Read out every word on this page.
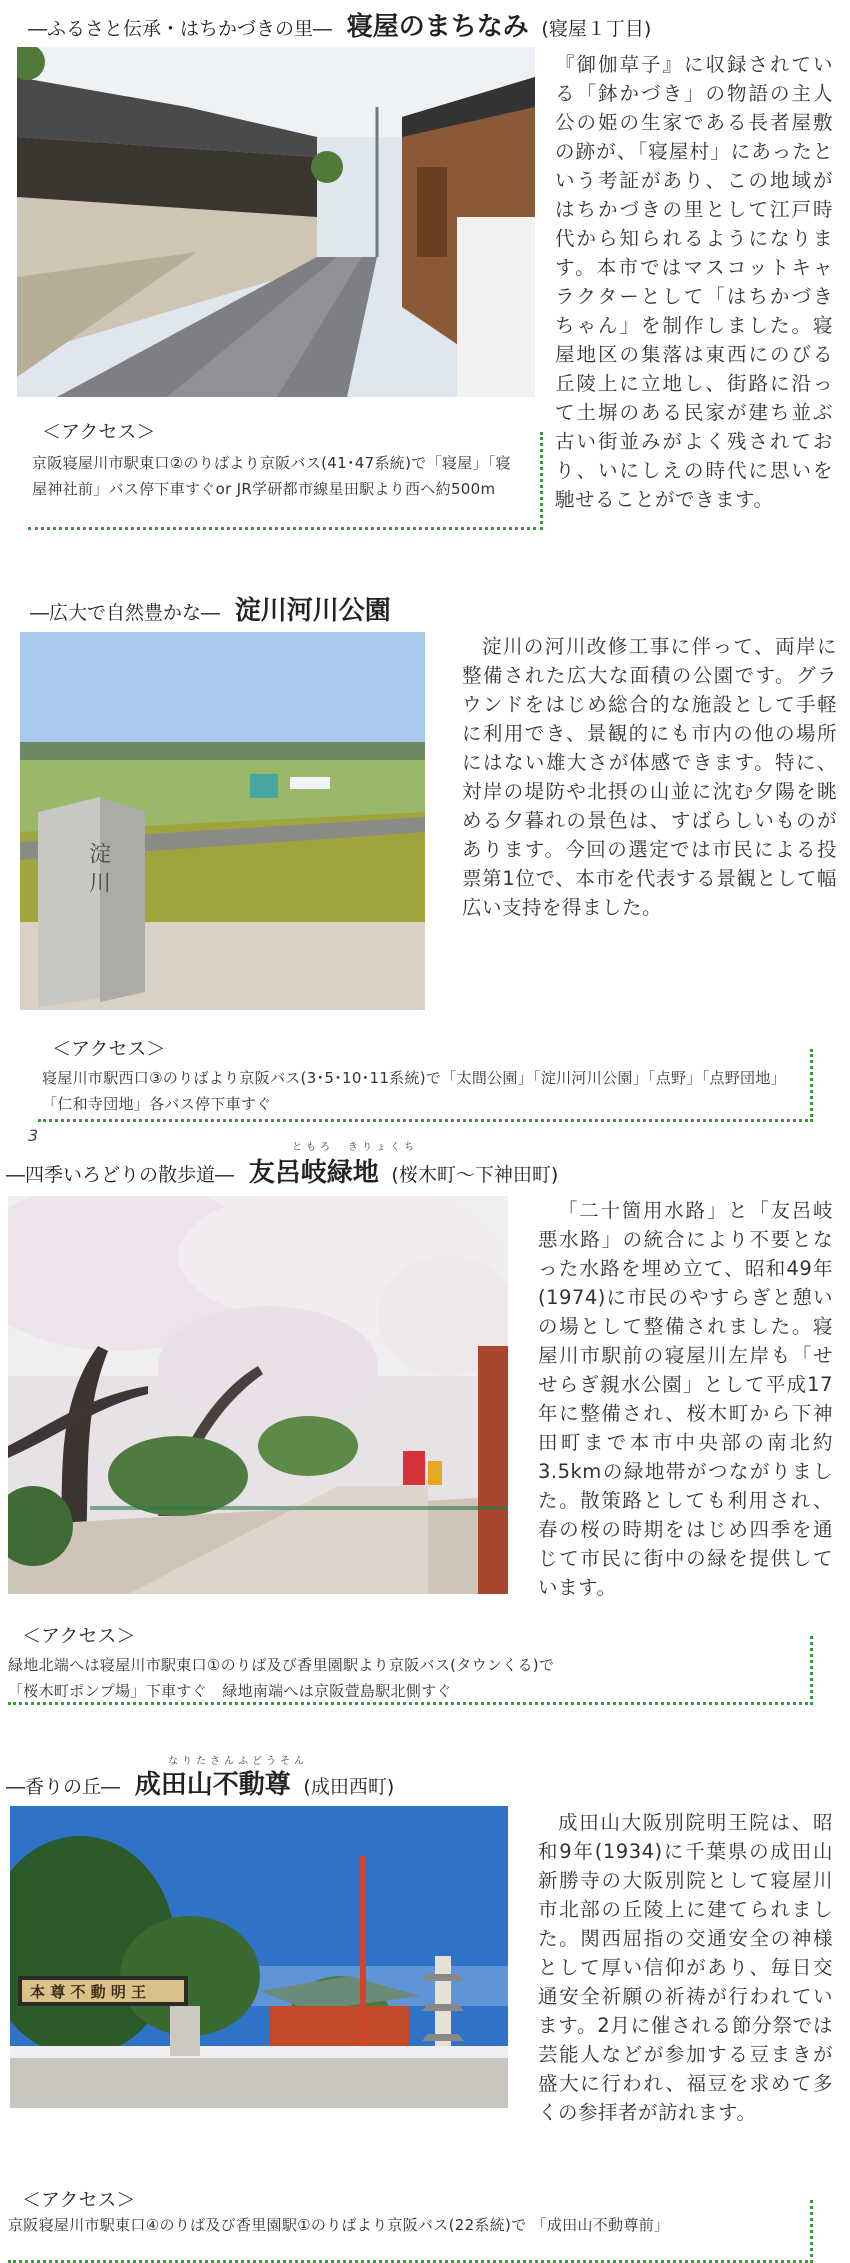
―ふるさと伝承・はちかづきの里― 寝屋のまちなみ (寝屋１丁目)
『御伽草子』に収録されている「鉢かづき」の物語の主人公の姫の生家である長者屋敷の跡が、「寝屋村」にあったという考証があり、この地域がはちかづきの里として江戸時代から知られるようになります。本市ではマスコットキャラクターとして「はちかづきちゃん」を制作しました。寝屋地区の集落は東西にのびる丘陵上に立地し、街路に沿って土塀のある民家が建ち並ぶ古い街並みがよく残されており、いにしえの時代に思いを馳せることができます。
＜アクセス＞
京阪寝屋川市駅東口②のりばより京阪バス(41･47系統)で「寝屋」「寝屋神社前」バス停下車すぐor JR学研都市線星田駅より西へ約500m
―広大で自然豊かな― 淀川河川公園
淀 川
淀川の河川改修工事に伴って、両岸に整備された広大な面積の公園です。グラウンドをはじめ総合的な施設として手軽に利用でき、景観的にも市内の他の場所にはない雄大さが体感できます。特に、対岸の堤防や北摂の山並に沈む夕陽を眺める夕暮れの景色は、すばらしいものがあります。今回の選定では市民による投票第1位で、本市を代表する景観として幅広い支持を得ました。
＜アクセス＞
寝屋川市駅西口③のりばより京阪バス(3･5･10･11系統)で「太間公園」「淀川河川公園」「点野」「点野団地」「仁和寺団地」各バス停下車すぐ
3
ともろ　きりょくち
―四季いろどりの散歩道― 友呂岐緑地 (桜木町～下神田町)
「二十箇用水路」と「友呂岐悪水路」の統合により不要となった水路を埋め立て、昭和49年(1974)に市民のやすらぎと憩いの場として整備されました。寝屋川市駅前の寝屋川左岸も「せせらぎ親水公園」として平成17年に整備され、桜木町から下神田町まで本市中央部の南北約3.5kmの緑地帯がつながりました。散策路としても利用され、春の桜の時期をはじめ四季を通じて市民に街中の緑を提供しています。
＜アクセス＞
緑地北端へは寝屋川市駅東口①のりば及び香里園駅より京阪バス(タウンくる)で「桜木町ポンプ場」下車すぐ　緑地南端へは京阪萱島駅北側すぐ
なりたさんふどうそん
―香りの丘― 成田山不動尊 (成田西町)
本 尊 不 動 明 王
成田山大阪別院明王院は、昭和9年(1934)に千葉県の成田山新勝寺の大阪別院として寝屋川市北部の丘陵上に建てられました。関西屈指の交通安全の神様として厚い信仰があり、毎日交通安全祈願の祈祷が行われています。2月に催される節分祭では芸能人などが参加する豆まきが盛大に行われ、福豆を求めて多くの参拝者が訪れます。
＜アクセス＞
京阪寝屋川市駅東口④のりば及び香里園駅①のりばより京阪バス(22系統)で 「成田山不動尊前」
